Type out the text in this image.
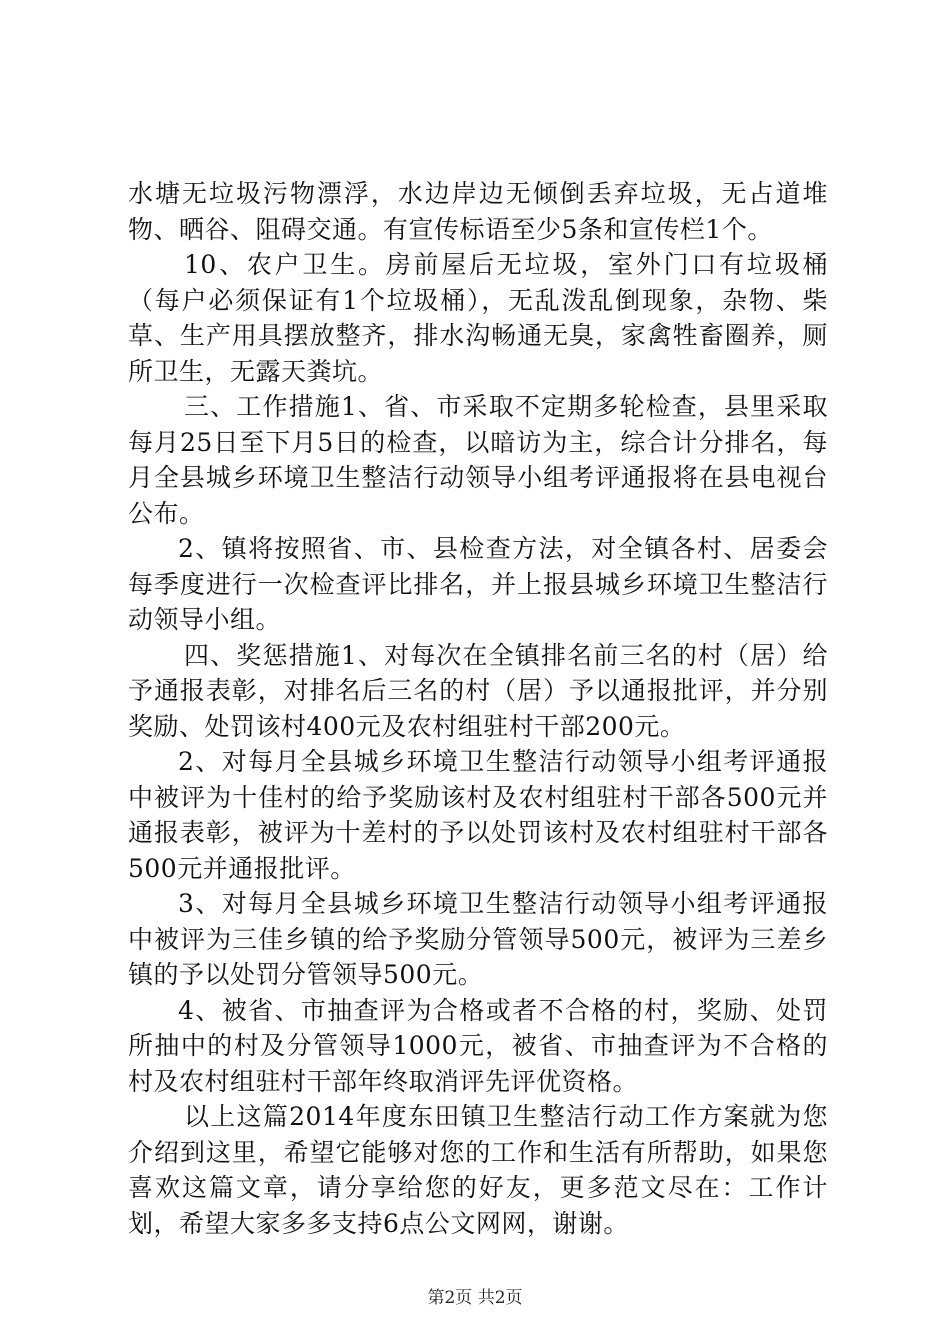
水塘无垃圾污物漂浮，水边岸边无倾倒丢弃垃圾，无占道堆物、晒谷、阻碍交通。有宣传标语至少5条和宣传栏1个。

10、农户卫生。房前屋后无垃圾，室外门口有垃圾桶（每户必须保证有1个垃圾桶），无乱泼乱倒现象，杂物、柴草、生产用具摆放整齐，排水沟畅通无臭，家禽牲畜圈养，厕所卫生，无露天粪坑。

三、工作措施1、省、市采取不定期多轮检查，县里采取每月25日至下月5日的检查，以暗访为主，综合计分排名，每月全县城乡环境卫生整洁行动领导小组考评通报将在县电视台公布。

2、镇将按照省、市、县检查方法，对全镇各村、居委会每季度进行一次检查评比排名，并上报县城乡环境卫生整洁行动领导小组。

四、奖惩措施1、对每次在全镇排名前三名的村（居）给予通报表彰，对排名后三名的村（居）予以通报批评，并分别奖励、处罚该村400元及农村组驻村干部200元。

2、对每月全县城乡环境卫生整洁行动领导小组考评通报中被评为十佳村的给予奖励该村及农村组驻村干部各500元并通报表彰，被评为十差村的予以处罚该村及农村组驻村干部各500元并通报批评。

3、对每月全县城乡环境卫生整洁行动领导小组考评通报中被评为三佳乡镇的给予奖励分管领导500元，被评为三差乡镇的予以处罚分管领导500元。

4、被省、市抽查评为合格或者不合格的村，奖励、处罚所抽中的村及分管领导1000元，被省、市抽查评为不合格的村及农村组驻村干部年终取消评先评优资格。

以上这篇2014年度东田镇卫生整洁行动工作方案就为您介绍到这里，希望它能够对您的工作和生活有所帮助，如果您喜欢这篇文章，请分享给您的好友，更多范文尽在：工作计划，希望大家多多支持6点公文网网，谢谢。

第2页 共2页
